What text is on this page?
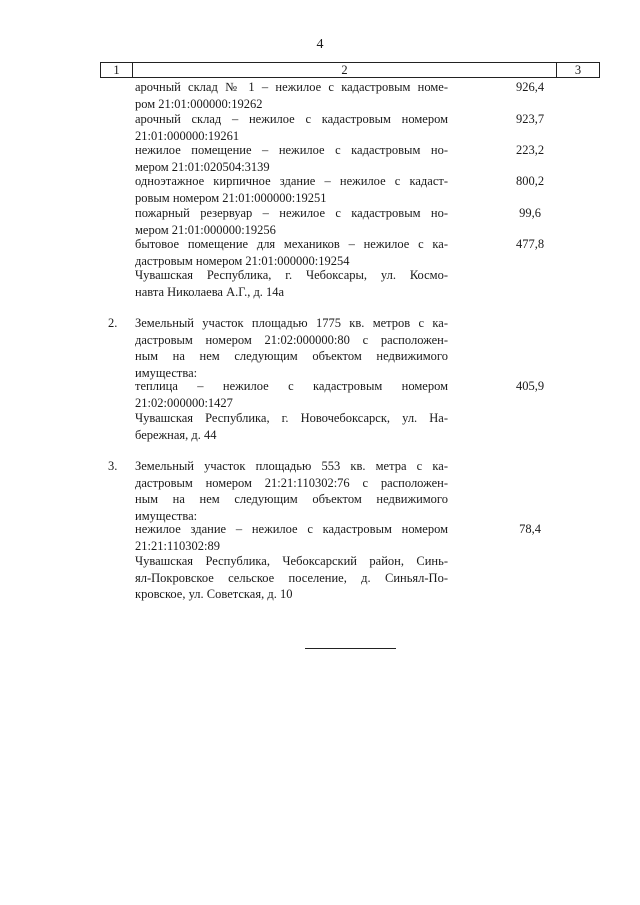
4
1	2	3
арочный склад № 1 – нежилое с кадастровым номе-
ром 21:01:000000:19262
926,4
арочный склад – нежилое с кадастровым номером
21:01:000000:19261
923,7
нежилое помещение – нежилое с кадастровым но-
мером 21:01:020504:3139
223,2
одноэтажное кирпичное здание – нежилое с кадаст-
ровым номером 21:01:000000:19251
800,2
пожарный резервуар – нежилое с кадастровым но-
мером 21:01:000000:19256
99,6
бытовое помещение для механиков – нежилое с ка-
дастровым номером 21:01:000000:19254
477,8
Чувашская Республика, г. Чебоксары, ул. Космо-
навта Николаева А.Г., д. 14а
2. Земельный участок площадью 1775 кв. метров с ка-
дастровым номером 21:02:000000:80 с расположен-
ным на нем следующим объектом недвижимого
имущества:
теплица – нежилое с кадастровым номером
21:02:000000:1427
405,9
Чувашская Республика, г. Новочебоксарск, ул. На-
бережная, д. 44
3. Земельный участок площадью 553 кв. метра с ка-
дастровым номером 21:21:110302:76 с расположен-
ным на нем следующим объектом недвижимого
имущества:
нежилое здание – нежилое с кадастровым номером
21:21:110302:89
78,4
Чувашская Республика, Чебоксарский район, Синь-
ял-Покровское сельское поселение, д. Синьял-По-
кровское, ул. Советская, д. 10
